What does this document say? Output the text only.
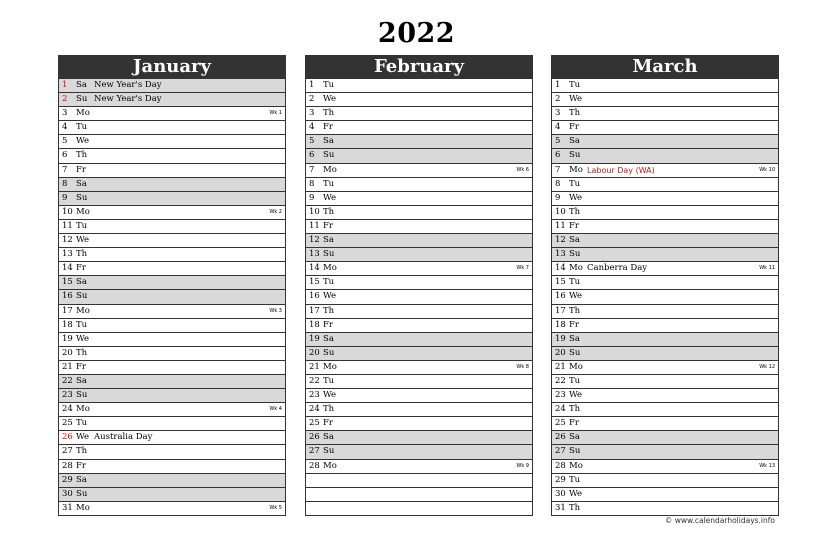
2022
January
1 Sa New Year's Day
2 Su New Year's Day
3 Mo	Wk 1
4 Tu
5 We
6 Th
7 Fr
8 Sa
9 Su
10 Mo	Wk 2
11 Tu
12 We
13 Th
14 Fr
15 Sa
16 Su
17 Mo	Wk 3
18 Tu
19 We
20 Th
21 Fr
22 Sa
23 Su
24 Mo	Wk 4
25 Tu
26 We Australia Day
27 Th
28 Fr
29 Sa
30 Su
31 Mo	Wk 5
February
1 Tu
2 We
3 Th
4 Fr
5 Sa
6 Su
7 Mo	Wk 6
8 Tu
9 We
10 Th
11 Fr
12 Sa
13 Su
14 Mo	Wk 7
15 Tu
16 We
17 Th
18 Fr
19 Sa
20 Su
21 Mo	Wk 8
22 Tu
23 We
24 Th
25 Fr
26 Sa
27 Su
28 Mo	Wk 9
March
1 Tu
2 We
3 Th
4 Fr
5 Sa
6 Su
7 Mo Labour Day (WA)	Wk 10
8 Tu
9 We
10 Th
11 Fr
12 Sa
13 Su
14 Mo Canberra Day	Wk 11
15 Tu
16 We
17 Th
18 Fr
19 Sa
20 Su
21 Mo	Wk 12
22 Tu
23 We
24 Th
25 Fr
26 Sa
27 Su
28 Mo	Wk 13
29 Tu
30 We
31 Th
© www.calendarholidays.info
